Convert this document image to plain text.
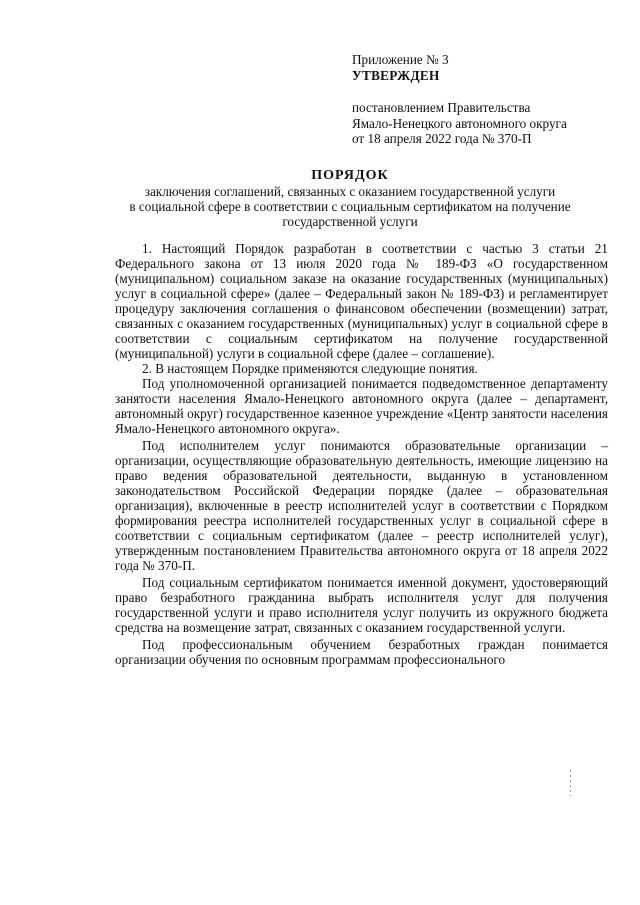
Приложение № 3
УТВЕРЖДЕН
постановлением Правительства
Ямало-Ненецкого автономного округа
от 18 апреля 2022 года № 370-П
ПОРЯДОК
заключения соглашений, связанных с оказанием государственной услуги
в социальной сфере в соответствии с социальным сертификатом на получение
государственной услуги

1. Настоящий Порядок разработан в соответствии с частью 3 статьи 21 Федерального закона от 13 июля 2020 года № 189-ФЗ «О государственном (муниципальном) социальном заказе на оказание государственных (муниципальных) услуг в социальной сфере» (далее – Федеральный закон № 189-ФЗ) и регламентирует процедуру заключения соглашения о финансовом обеспечении (возмещении) затрат, связанных с оказанием государственных (муниципальных) услуг в социальной сфере в соответствии с социальным сертификатом на получение государственной (муниципальной) услуги в социальной сфере (далее – соглашение).

2. В настоящем Порядке применяются следующие понятия.

Под уполномоченной организацией понимается подведомственное департаменту занятости населения Ямало-Ненецкого автономного округа (далее – департамент, автономный округ) государственное казенное учреждение «Центр занятости населения Ямало-Ненецкого автономного округа».

Под исполнителем услуг понимаются образовательные организации – организации, осуществляющие образовательную деятельность, имеющие лицензию на право ведения образовательной деятельности, выданную в установленном законодательством Российской Федерации порядке (далее – образовательная организация), включенные в реестр исполнителей услуг в соответствии с Порядком формирования реестра исполнителей государственных услуг в социальной сфере в соответствии с социальным сертификатом (далее – реестр исполнителей услуг), утвержденным постановлением Правительства автономного округа от 18 апреля 2022 года № 370-П.

Под социальным сертификатом понимается именной документ, удостоверяющий право безработного гражданина выбрать исполнителя услуг для получения государственной услуги и право исполнителя услуг получить из окружного бюджета средства на возмещение затрат, связанных с оказанием государственной услуги.

Под профессиональным обучением безработных граждан понимается организации обучения по основным программам профессионального
